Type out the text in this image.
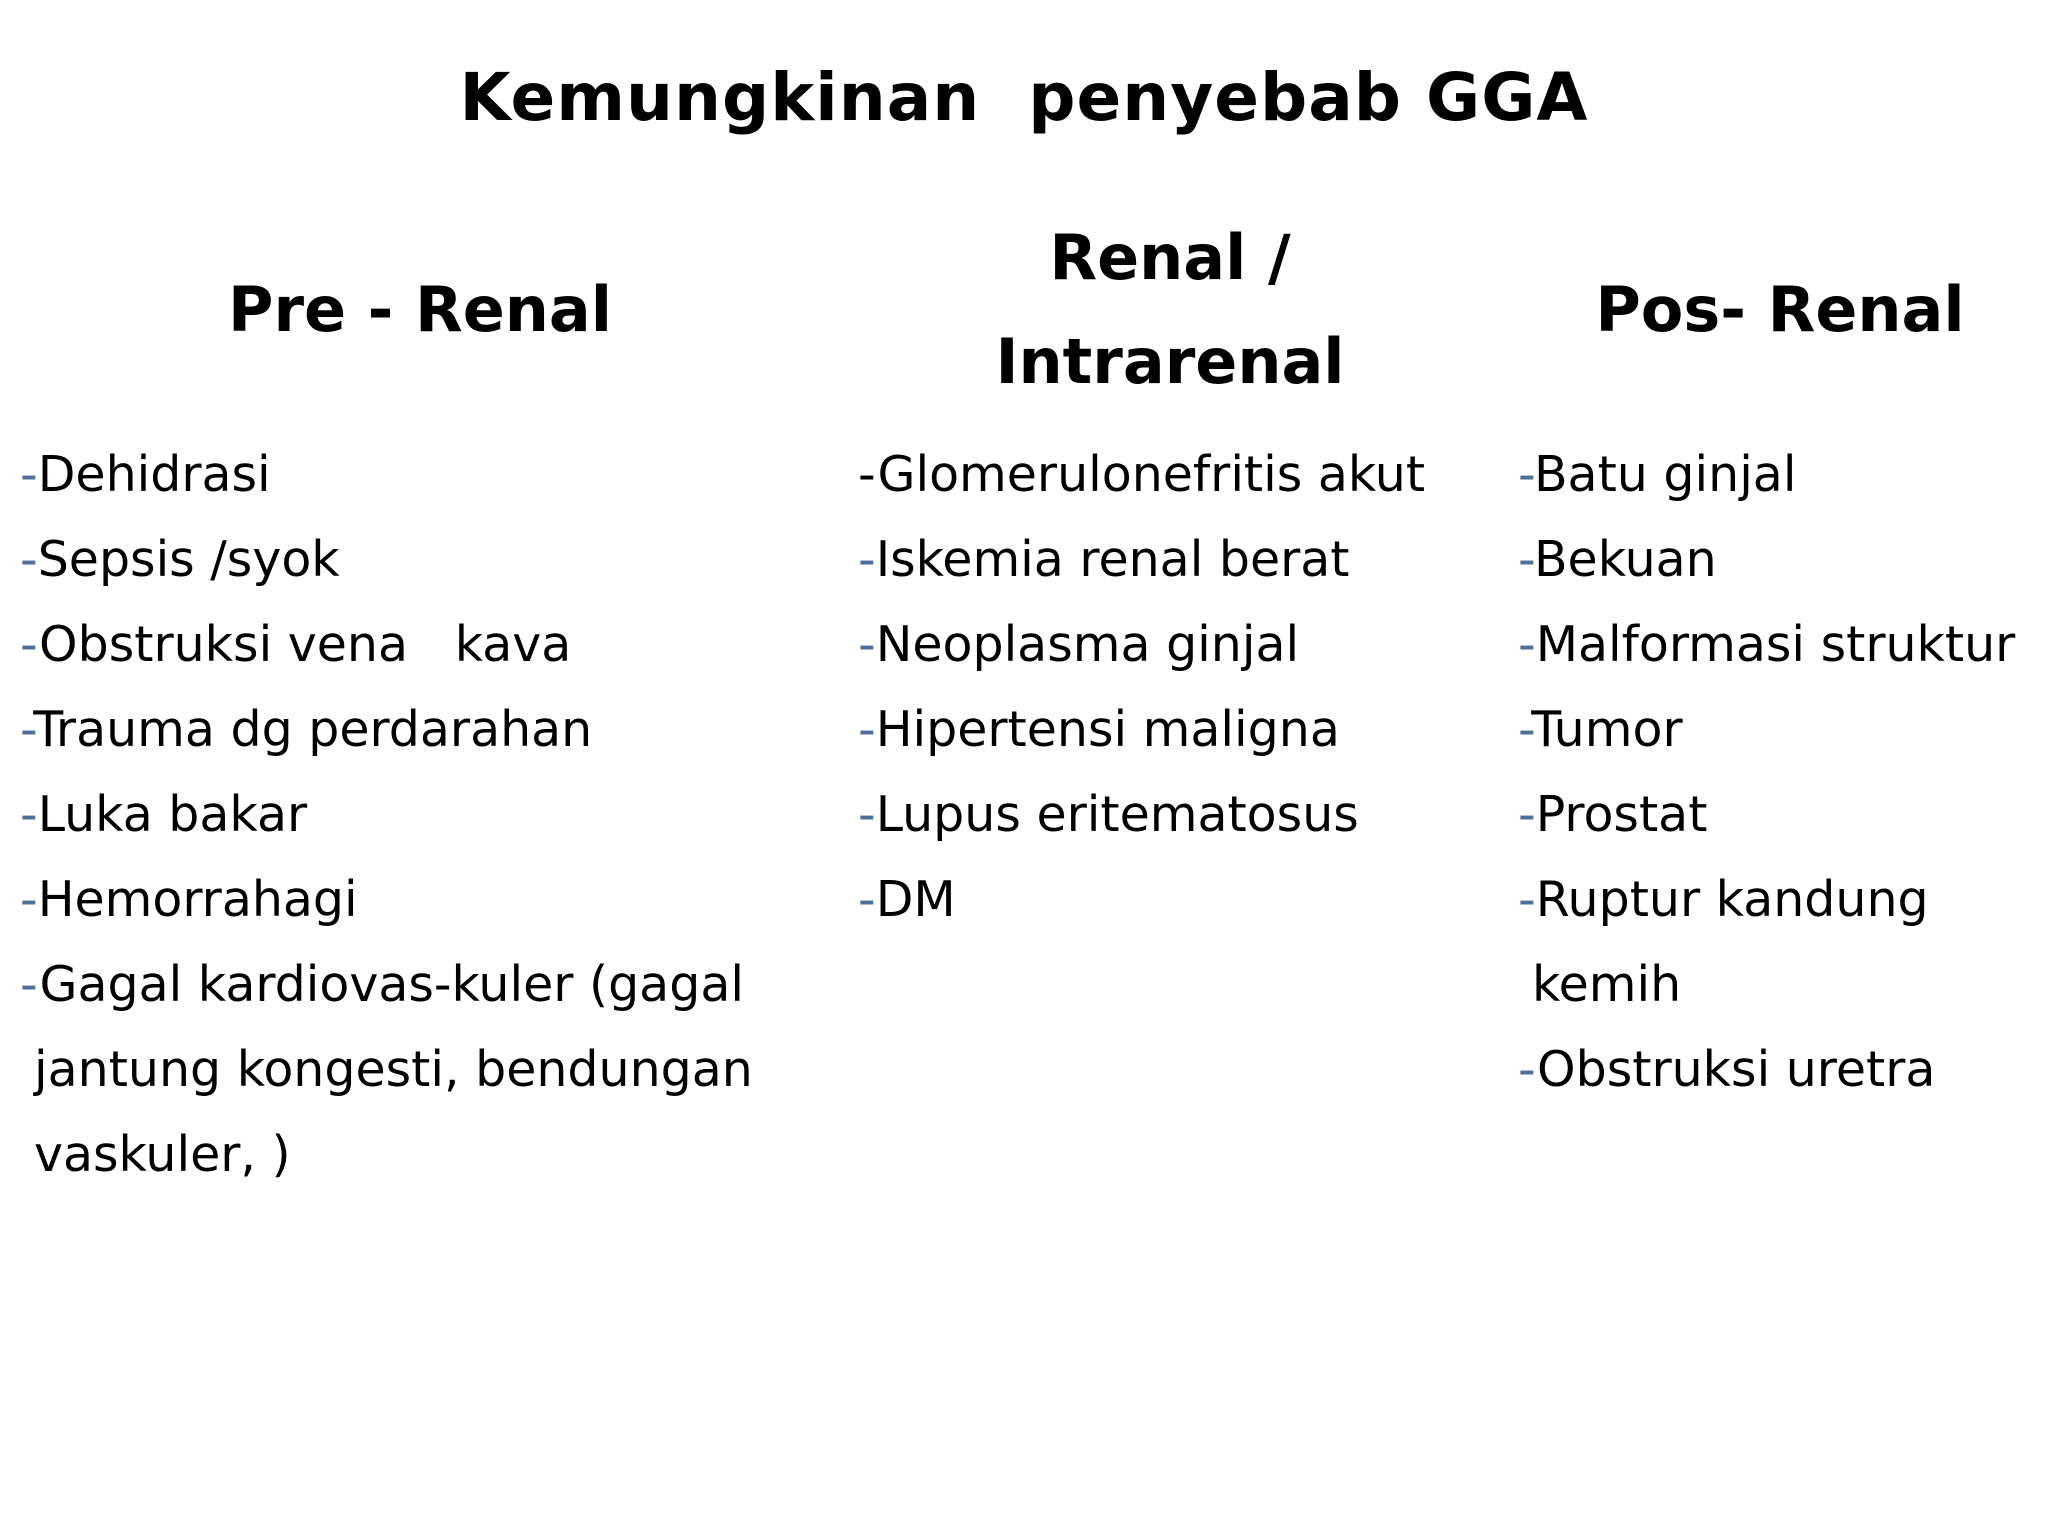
Kemungkinan  penyebab GGA
Pre - Renal
Renal /
Intrarenal
Pos- Renal
-Dehidrasi
-Sepsis /syok
-Obstruksi vena   kava
-Trauma dg perdarahan
-Luka bakar
-Hemorrahagi
-Gagal kardiovas-kuler (gagal
jantung kongesti, bendungan
vaskuler, )
-Glomerulonefritis akut
-Iskemia renal berat
-Neoplasma ginjal
-Hipertensi maligna
-Lupus eritematosus
-DM
-Batu ginjal
-Bekuan
-Malformasi struktur
-Tumor
-Prostat
-Ruptur kandung
kemih
-Obstruksi uretra
